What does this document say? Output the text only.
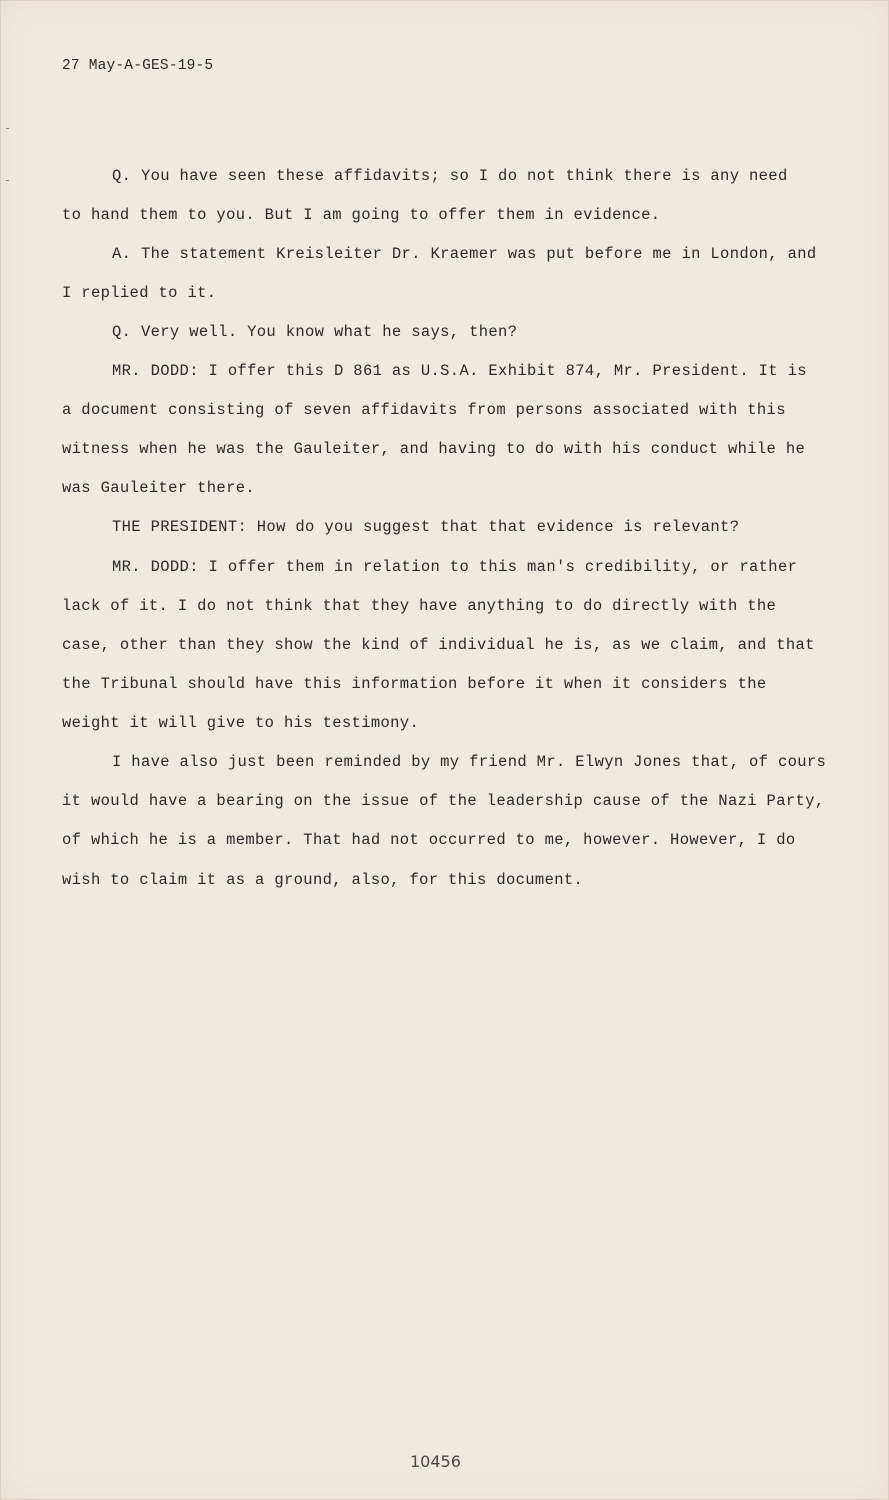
27 May-A-GES-19-5
Q. You have seen these affidavits; so I do not think there is any need
to hand them to you. But I am going to offer them in evidence.
A. The statement Kreisleiter Dr. Kraemer was put before me in London, and
I replied to it.
Q. Very well. You know what he says, then?
MR. DODD: I offer this D 861 as U.S.A. Exhibit 874, Mr. President. It is
a document consisting of seven affidavits from persons associated with this
witness when he was the Gauleiter, and having to do with his conduct while he
was Gauleiter there.
THE PRESIDENT: How do you suggest that that evidence is relevant?
MR. DODD: I offer them in relation to this man's credibility, or rather
lack of it. I do not think that they have anything to do directly with the
case, other than they show the kind of individual he is, as we claim, and that
the Tribunal should have this information before it when it considers the
weight it will give to his testimony.
I have also just been reminded by my friend Mr. Elwyn Jones that, of cours
it would have a bearing on the issue of the leadership cause of the Nazi Party,
of which he is a member. That had not occurred to me, however. However, I do
wish to claim it as a ground, also, for this document.
10456
